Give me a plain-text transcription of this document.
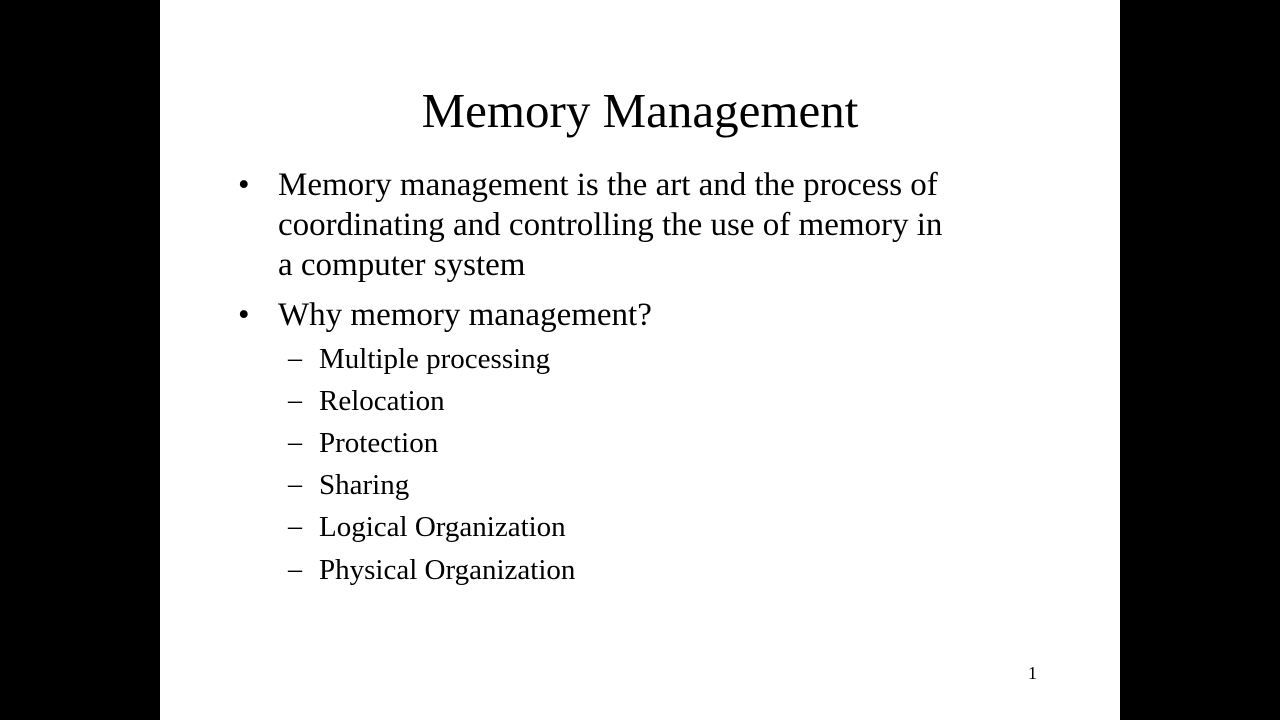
Memory Management
• Memory management is the art and the process of
coordinating and controlling the use of memory in
a computer system
• Why memory management?
– Multiple processing
– Relocation
– Protection
– Sharing
– Logical Organization
– Physical Organization
1
